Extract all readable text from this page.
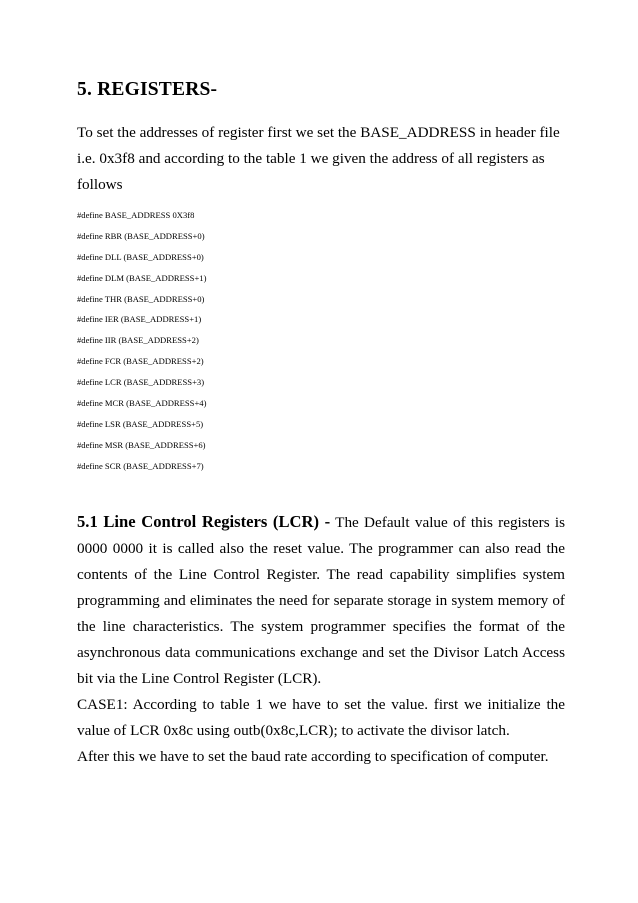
5. REGISTERS-

To set the addresses of register first we set the BASE_ADDRESS in header file
i.e. 0x3f8 and according to the table 1 we given the address of all registers as
follows

#define BASE_ADDRESS 0X3f8
#define RBR (BASE_ADDRESS+0)
#define DLL (BASE_ADDRESS+0)
#define DLM (BASE_ADDRESS+1)
#define THR (BASE_ADDRESS+0)
#define IER (BASE_ADDRESS+1)
#define IIR (BASE_ADDRESS+2)
#define FCR (BASE_ADDRESS+2)
#define LCR (BASE_ADDRESS+3)
#define MCR (BASE_ADDRESS+4)
#define LSR (BASE_ADDRESS+5)
#define MSR (BASE_ADDRESS+6)
#define SCR (BASE_ADDRESS+7)
5.1 Line Control Registers (LCR) - The Default value of this registers is 0000 0000 it is called also the reset value. The programmer can also read the contents of the Line Control Register. The read capability simplifies system programming and eliminates the need for separate storage in system memory of the line characteristics. The system programmer specifies the format of the asynchronous data communications exchange and set the Divisor Latch Access bit via the Line Control Register (LCR).
CASE1: According to table 1 we have to set the value. first we initialize the value of LCR 0x8c using outb(0x8c,LCR); to activate the divisor latch.
After this we have to set the baud rate according to specification of computer.
